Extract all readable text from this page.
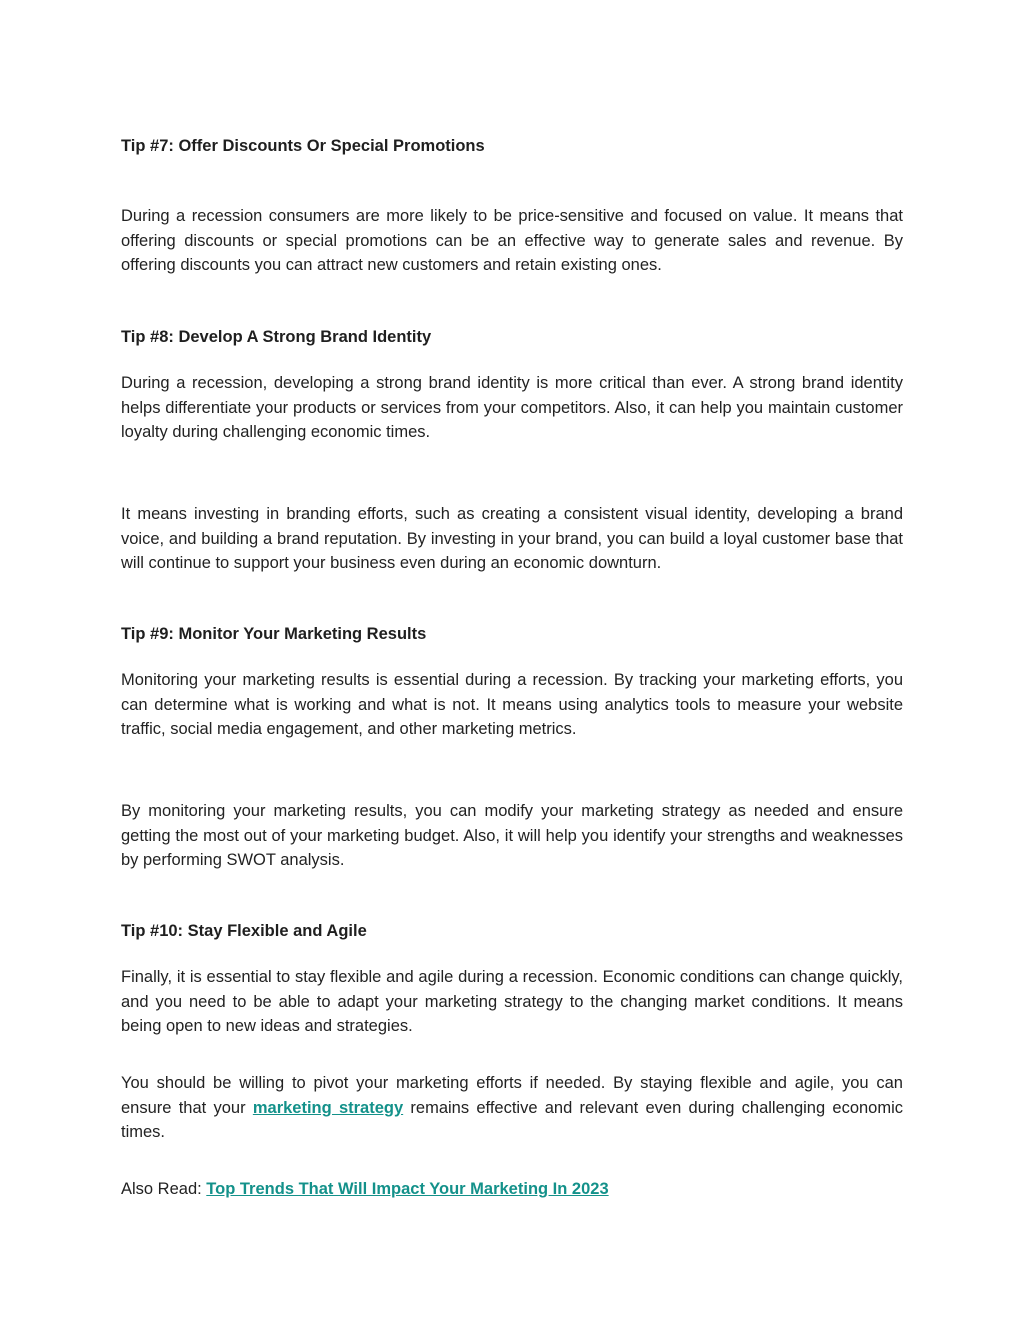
Tip #7: Offer Discounts Or Special Promotions

During a recession consumers are more likely to be price-sensitive and focused on value. It means that offering discounts or special promotions can be an effective way to generate sales and revenue. By offering discounts you can attract new customers and retain existing ones.

Tip #8: Develop A Strong Brand Identity

During a recession, developing a strong brand identity is more critical than ever. A strong brand identity helps differentiate your products or services from your competitors. Also, it can help you maintain customer loyalty during challenging economic times.

It means investing in branding efforts, such as creating a consistent visual identity, developing a brand voice, and building a brand reputation. By investing in your brand, you can build a loyal customer base that will continue to support your business even during an economic downturn.

Tip #9: Monitor Your Marketing Results

Monitoring your marketing results is essential during a recession. By tracking your marketing efforts, you can determine what is working and what is not. It means using analytics tools to measure your website traffic, social media engagement, and other marketing metrics.

By monitoring your marketing results, you can modify your marketing strategy as needed and ensure getting the most out of your marketing budget. Also, it will help you identify your strengths and weaknesses by performing SWOT analysis.

Tip #10: Stay Flexible and Agile

Finally, it is essential to stay flexible and agile during a recession. Economic conditions can change quickly, and you need to be able to adapt your marketing strategy to the changing market conditions. It means being open to new ideas and strategies.

You should be willing to pivot your marketing efforts if needed. By staying flexible and agile, you can ensure that your marketing strategy remains effective and relevant even during challenging economic times.

Also Read: Top Trends That Will Impact Your Marketing In 2023
